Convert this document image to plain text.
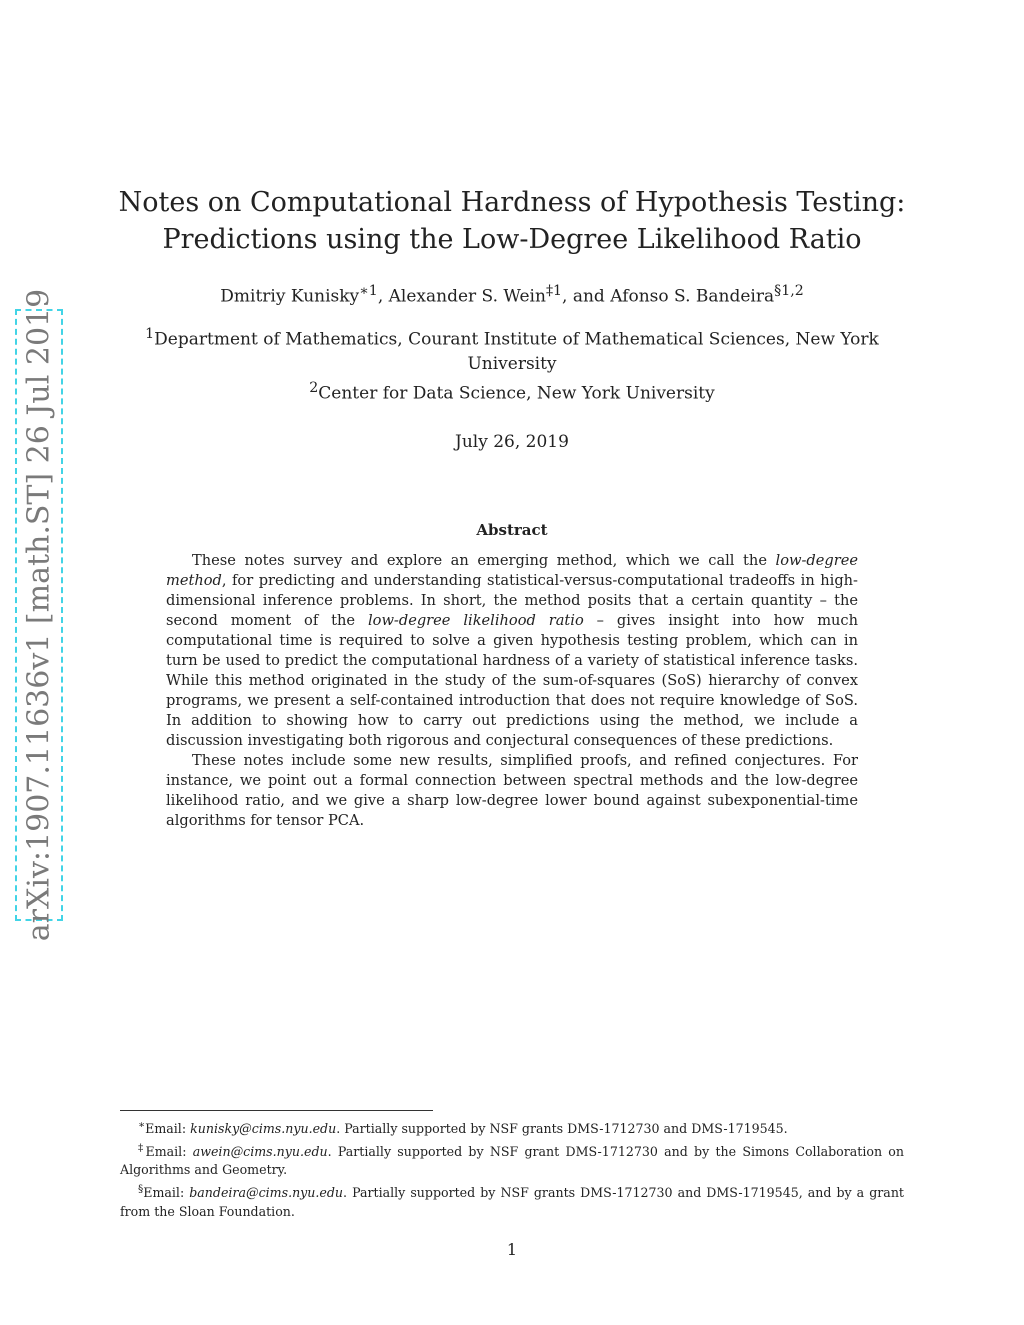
Notes on Computational Hardness of Hypothesis Testing:
Predictions using the Low-Degree Likelihood Ratio
Dmitriy Kunisky$^{∗1}$, Alexander S. Wein$^{\ddagger 1}$, and Afonso S. Bandeira$^{\S 1,2}$
$^1$Department of Mathematics, Courant Institute of Mathematical Sciences, New York
University
$^2$Center for Data Science, New York University
July 26, 2019
Abstract

These notes survey and explore an emerging method, which we call the low-degree method, for predicting and understanding statistical-versus-computational tradeoffs in high-dimensional inference problems. In short, the method posits that a certain quantity – the second moment of the low-degree likelihood ratio – gives insight into how much computational time is required to solve a given hypothesis testing problem, which can in turn be used to predict the computational hardness of a variety of statistical inference tasks. While this method originated in the study of the sum-of-squares (SoS) hierarchy of convex programs, we present a self-contained introduction that does not require knowledge of SoS. In addition to showing how to carry out predictions using the method, we include a discussion investigating both rigorous and conjectural consequences of these predictions.

These notes include some new results, simplified proofs, and refined conjectures. For instance, we point out a formal connection between spectral methods and the low-degree likelihood ratio, and we give a sharp low-degree lower bound against subexponential-time algorithms for tensor PCA.

arXiv:1907.11636v1 [math.ST] 26 Jul 2019

∗Email: kunisky@cims.nyu.edu. Partially supported by NSF grants DMS-1712730 and DMS-1719545.

‡Email: awein@cims.nyu.edu. Partially supported by NSF grant DMS-1712730 and by the Simons Collaboration on Algorithms and Geometry.

§Email: bandeira@cims.nyu.edu. Partially supported by NSF grants DMS-1712730 and DMS-1719545, and by a grant from the Sloan Foundation.

1
